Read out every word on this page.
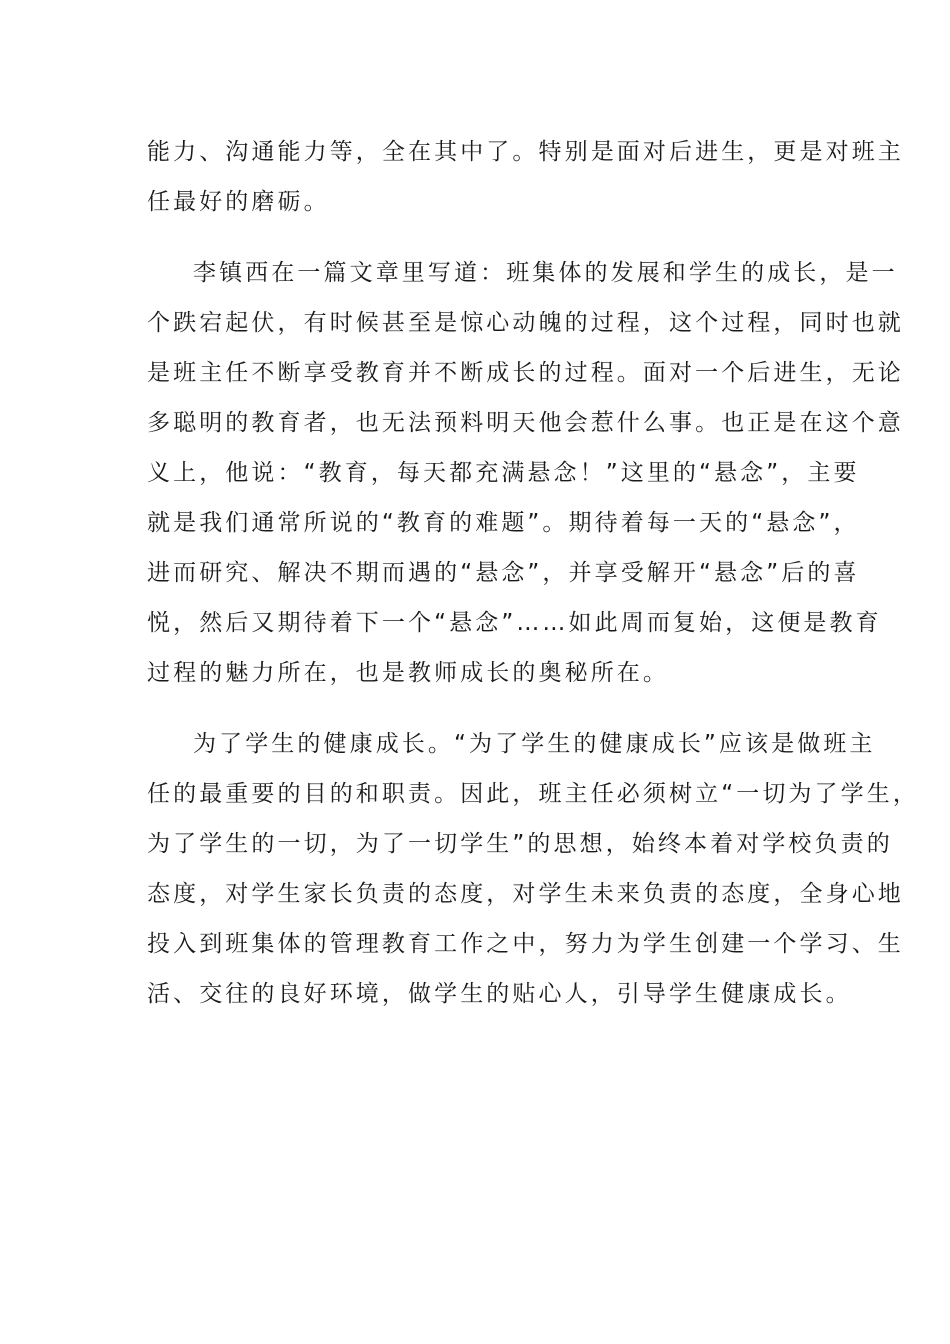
能力、沟通能力等，全在其中了。特别是面对后进生，更是对班主
任最好的磨砺。
李镇西在一篇文章里写道：班集体的发展和学生的成长，是一
个跌宕起伏，有时候甚至是惊心动魄的过程，这个过程，同时也就
是班主任不断享受教育并不断成长的过程。面对一个后进生，无论
多聪明的教育者，也无法预料明天他会惹什么事。也正是在这个意
义上，他说：“教育，每天都充满悬念！”这里的“悬念”，主要
就是我们通常所说的“教育的难题”。期待着每一天的“悬念”，
进而研究、解决不期而遇的“悬念”，并享受解开“悬念”后的喜
悦，然后又期待着下一个“悬念”……如此周而复始，这便是教育
过程的魅力所在，也是教师成长的奥秘所在。
为了学生的健康成长。“为了学生的健康成长”应该是做班主
任的最重要的目的和职责。因此，班主任必须树立“一切为了学生，
为了学生的一切，为了一切学生”的思想，始终本着对学校负责的
态度，对学生家长负责的态度，对学生未来负责的态度，全身心地
投入到班集体的管理教育工作之中，努力为学生创建一个学习、生
活、交往的良好环境，做学生的贴心人，引导学生健康成长。
